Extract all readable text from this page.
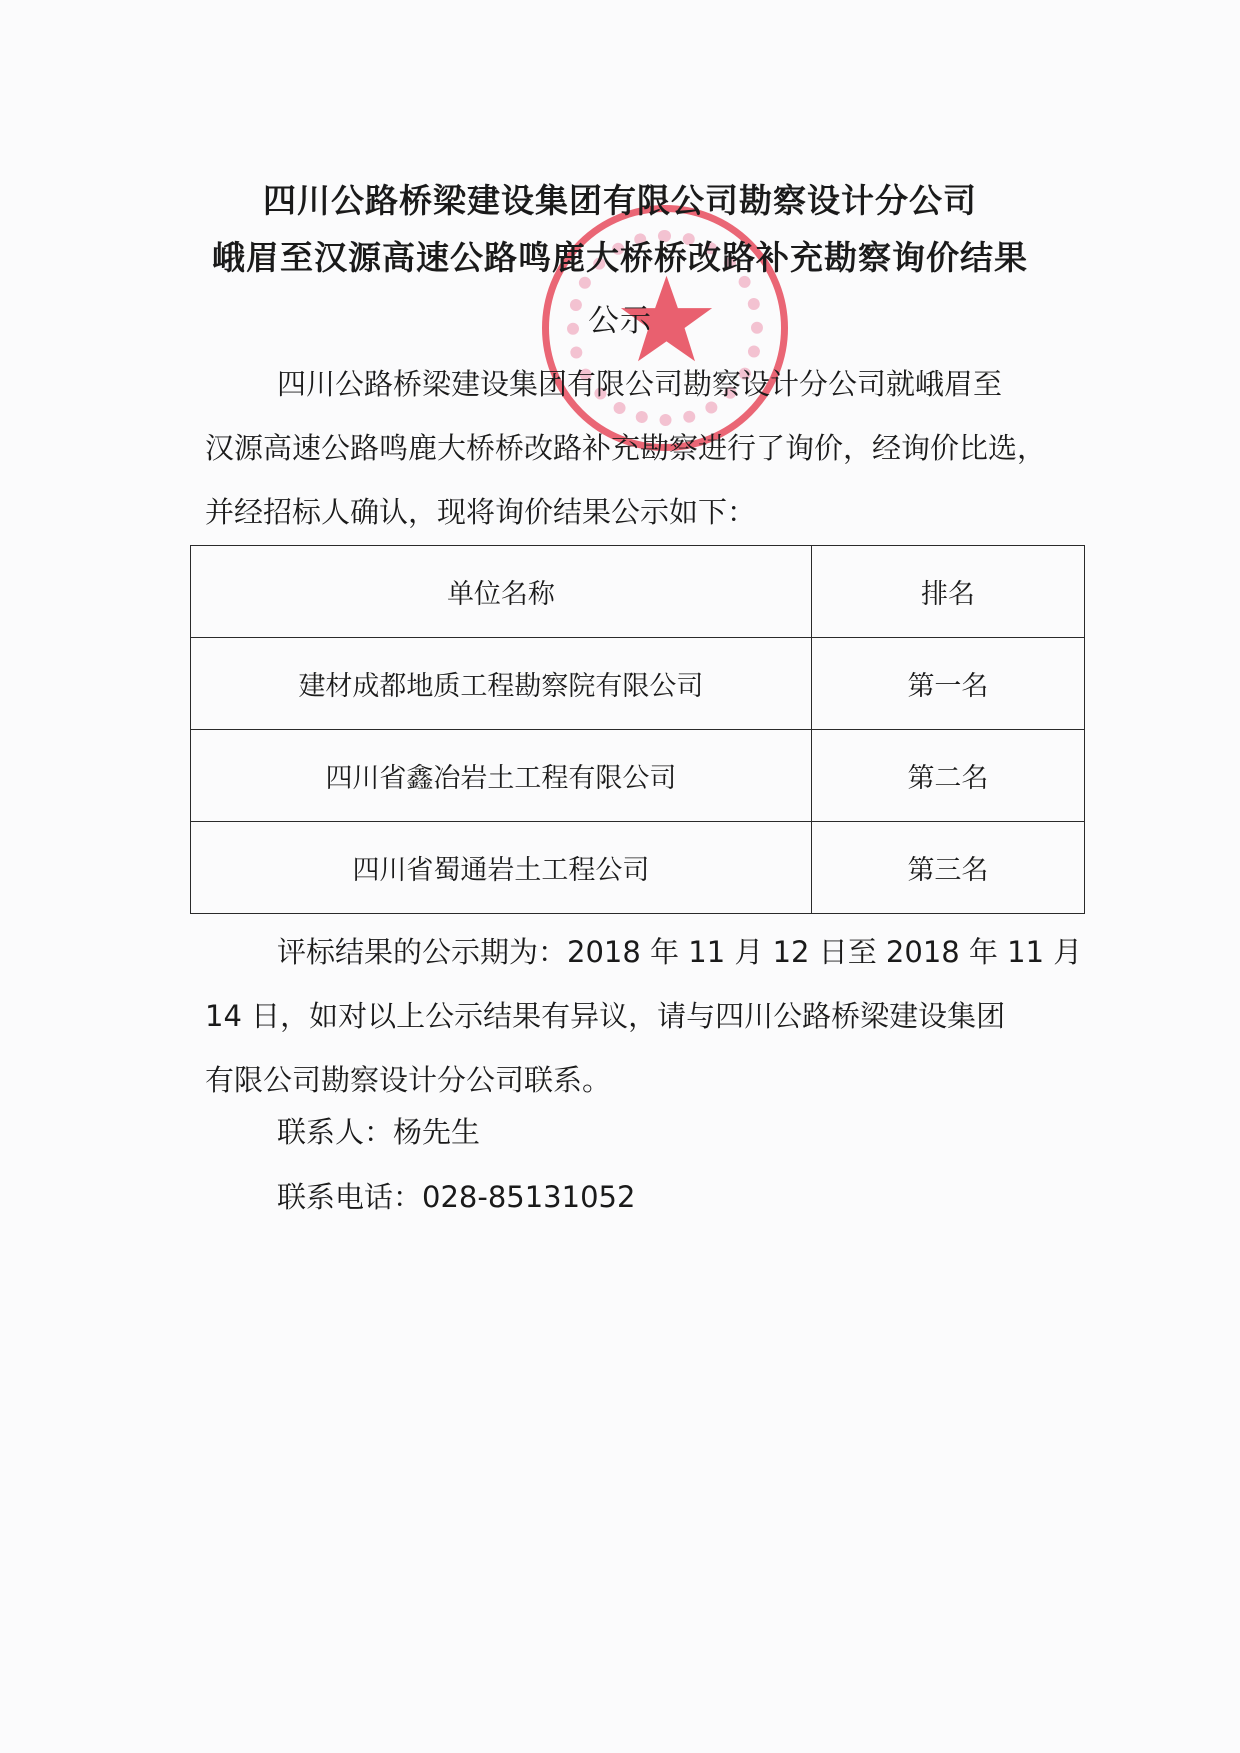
四川公路桥梁建设集团有限公司勘察设计分公司
峨眉至汉源高速公路鸣鹿大桥桥改路补充勘察询价结果
公示
四川公路桥梁建设集团有限公司勘察设计分公司就峨眉至
汉源高速公路鸣鹿大桥桥改路补充勘察进行了询价，经询价比选，
并经招标人确认，现将询价结果公示如下：
单位名称	排名
建材成都地质工程勘察院有限公司	第一名
四川省鑫冶岩土工程有限公司	第二名
四川省蜀通岩土工程公司	第三名
评标结果的公示期为：2018 年 11 月 12 日至 2018 年 11 月
14 日，如对以上公示结果有异议，请与四川公路桥梁建设集团
有限公司勘察设计分公司联系。
联系人：杨先生
联系电话：028-85131052
